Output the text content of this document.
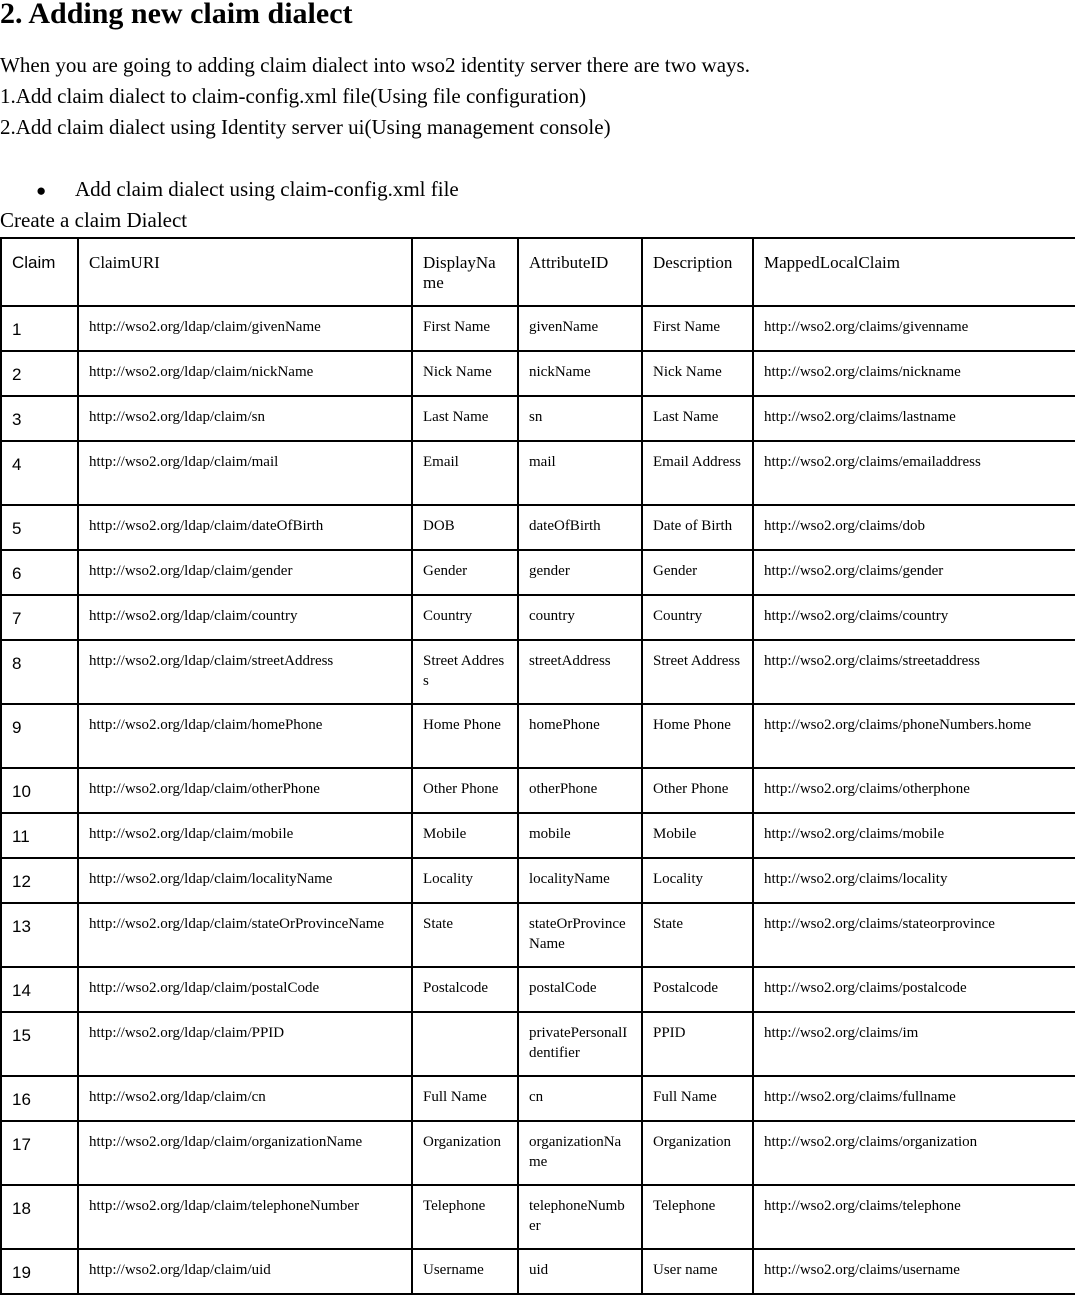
2. Adding new claim dialect

When you are going to adding claim dialect into wso2 identity server there are two ways.

1.Add claim dialect to claim-config.xml file(Using file configuration)

2.Add claim dialect using Identity server ui(Using management console)

● Add claim dialect using claim-config.xml file
Create a claim Dialect
Claim	ClaimURI	DisplayName	AttributeID	Description	MappedLocalClaim
1	http://wso2.org/ldap/claim/givenName	First Name	givenName	First Name	http://wso2.org/claims/givenname
2	http://wso2.org/ldap/claim/nickName	Nick Name	nickName	Nick Name	http://wso2.org/claims/nickname
3	http://wso2.org/ldap/claim/sn	Last Name	sn	Last Name	http://wso2.org/claims/lastname
4	http://wso2.org/ldap/claim/mail	Email	mail	Email Address	http://wso2.org/claims/emailaddress
5	http://wso2.org/ldap/claim/dateOfBirth	DOB	dateOfBirth	Date of Birth	http://wso2.org/claims/dob
6	http://wso2.org/ldap/claim/gender	Gender	gender	Gender	http://wso2.org/claims/gender
7	http://wso2.org/ldap/claim/country	Country	country	Country	http://wso2.org/claims/country
8	http://wso2.org/ldap/claim/streetAddress	Street Address	streetAddress	Street Address	http://wso2.org/claims/streetaddress
9	http://wso2.org/ldap/claim/homePhone	Home Phone	homePhone	Home Phone	http://wso2.org/claims/phoneNumbers.home
10	http://wso2.org/ldap/claim/otherPhone	Other Phone	otherPhone	Other Phone	http://wso2.org/claims/otherphone
11	http://wso2.org/ldap/claim/mobile	Mobile	mobile	Mobile	http://wso2.org/claims/mobile
12	http://wso2.org/ldap/claim/localityName	Locality	localityName	Locality	http://wso2.org/claims/locality
13	http://wso2.org/ldap/claim/stateOrProvinceName	State	stateOrProvinceName	State	http://wso2.org/claims/stateorprovince
14	http://wso2.org/ldap/claim/postalCode	Postalcode	postalCode	Postalcode	http://wso2.org/claims/postalcode
15	http://wso2.org/ldap/claim/PPID		privatePersonalIdentifier	PPID	http://wso2.org/claims/im
16	http://wso2.org/ldap/claim/cn	Full Name	cn	Full Name	http://wso2.org/claims/fullname
17	http://wso2.org/ldap/claim/organizationName	Organization	organizationName	Organization	http://wso2.org/claims/organization
18	http://wso2.org/ldap/claim/telephoneNumber	Telephone	telephoneNumber	Telephone	http://wso2.org/claims/telephone
19	http://wso2.org/ldap/claim/uid	Username	uid	User name	http://wso2.org/claims/username
